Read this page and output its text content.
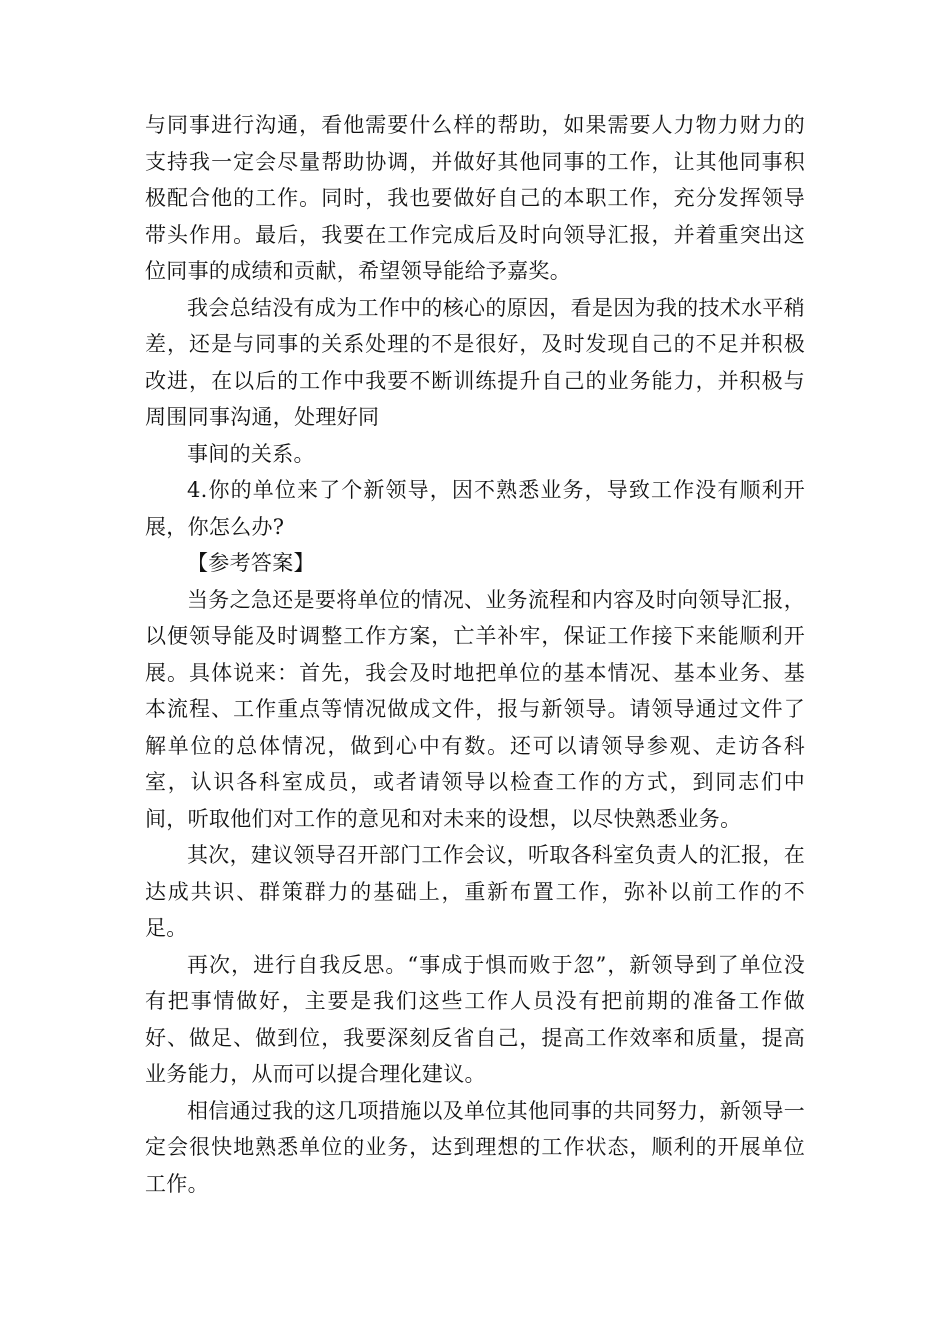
与同事进行沟通，看他需要什么样的帮助，如果需要人力物力财力的支持我一定会尽量帮助协调，并做好其他同事的工作，让其他同事积极配合他的工作。同时，我也要做好自己的本职工作，充分发挥领导带头作用。最后，我要在工作完成后及时向领导汇报，并着重突出这位同事的成绩和贡献，希望领导能给予嘉奖。

我会总结没有成为工作中的核心的原因，看是因为我的技术水平稍差，还是与同事的关系处理的不是很好，及时发现自己的不足并积极改进，在以后的工作中我要不断训练提升自己的业务能力，并积极与周围同事沟通，处理好同

事间的关系。

4.你的单位来了个新领导，因不熟悉业务，导致工作没有顺利开展，你怎么办?

【参考答案】

当务之急还是要将单位的情况、业务流程和内容及时向领导汇报，以便领导能及时调整工作方案，亡羊补牢，保证工作接下来能顺利开展。具体说来：首先，我会及时地把单位的基本情况、基本业务、基本流程、工作重点等情况做成文件，报与新领导。请领导通过文件了解单位的总体情况，做到心中有数。还可以请领导参观、走访各科室，认识各科室成员，或者请领导以检查工作的方式，到同志们中间，听取他们对工作的意见和对未来的设想，以尽快熟悉业务。

其次，建议领导召开部门工作会议，听取各科室负责人的汇报，在达成共识、群策群力的基础上，重新布置工作，弥补以前工作的不足。

再次，进行自我反思。“事成于惧而败于忽”，新领导到了单位没有把事情做好，主要是我们这些工作人员没有把前期的准备工作做好、做足、做到位，我要深刻反省自己，提高工作效率和质量，提高业务能力，从而可以提合理化建议。

相信通过我的这几项措施以及单位其他同事的共同努力，新领导一定会很快地熟悉单位的业务，达到理想的工作状态，顺利的开展单位工作。
